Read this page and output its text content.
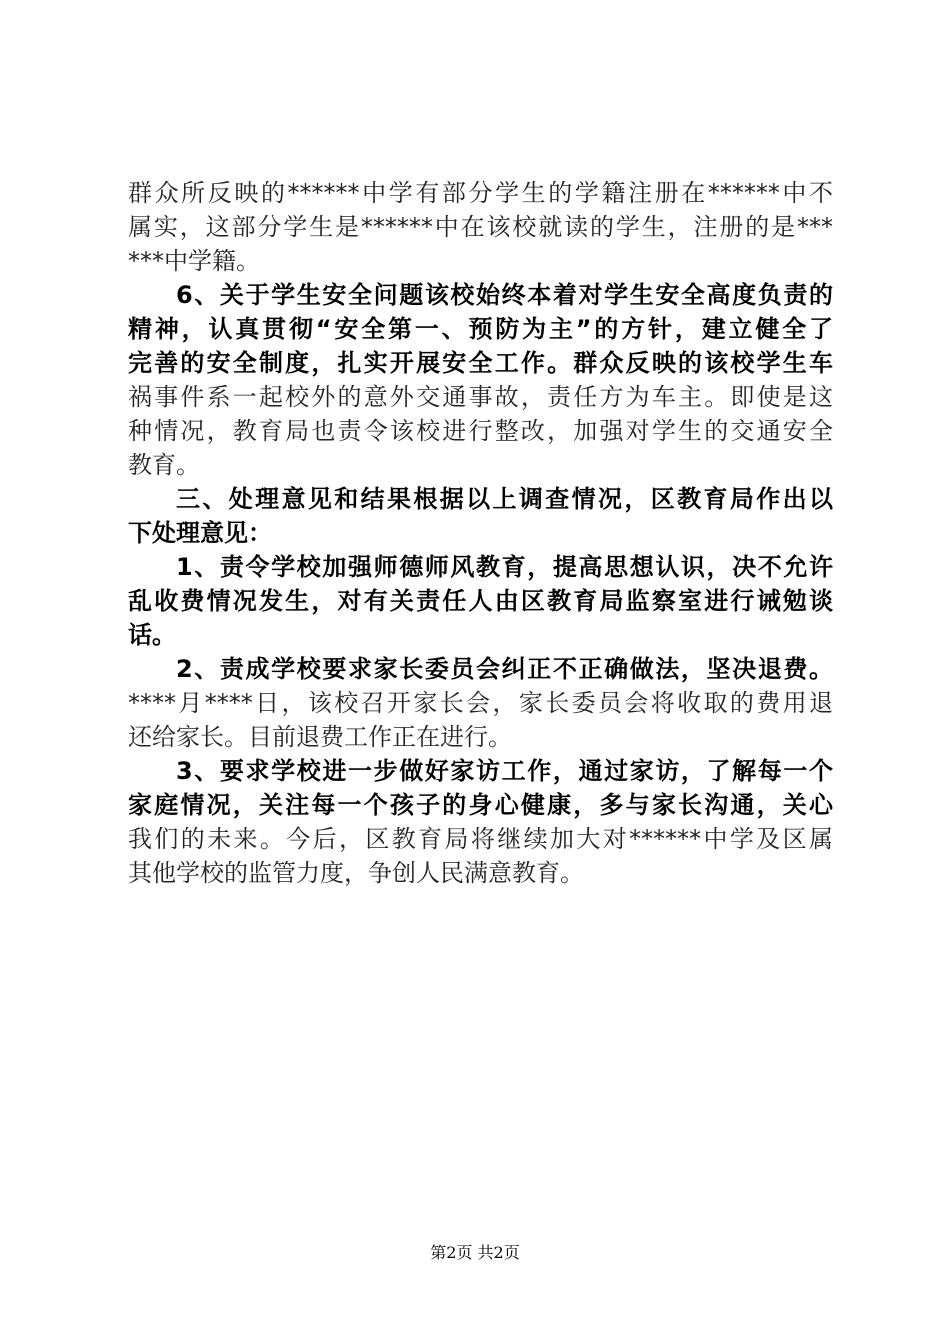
群众所反映的******中学有部分学生的学籍注册在******中不
属实，这部分学生是******中在该校就读的学生，注册的是***
***中学籍。
6、关于学生安全问题该校始终本着对学生安全高度负责的
精神，认真贯彻“安全第一、预防为主”的方针，建立健全了
完善的安全制度，扎实开展安全工作。群众反映的该校学生车
祸事件系一起校外的意外交通事故，责任方为车主。即使是这
种情况，教育局也责令该校进行整改，加强对学生的交通安全
教育。
三、处理意见和结果根据以上调查情况，区教育局作出以
下处理意见：
1、责令学校加强师德师风教育，提高思想认识，决不允许
乱收费情况发生，对有关责任人由区教育局监察室进行诫勉谈
话。
2、责成学校要求家长委员会纠正不正确做法，坚决退费。
****月****日，该校召开家长会，家长委员会将收取的费用退
还给家长。目前退费工作正在进行。
3、要求学校进一步做好家访工作，通过家访，了解每一个
家庭情况，关注每一个孩子的身心健康，多与家长沟通，关心
我们的未来。今后，区教育局将继续加大对******中学及区属
其他学校的监管力度，争创人民满意教育。
第2页 共2页
